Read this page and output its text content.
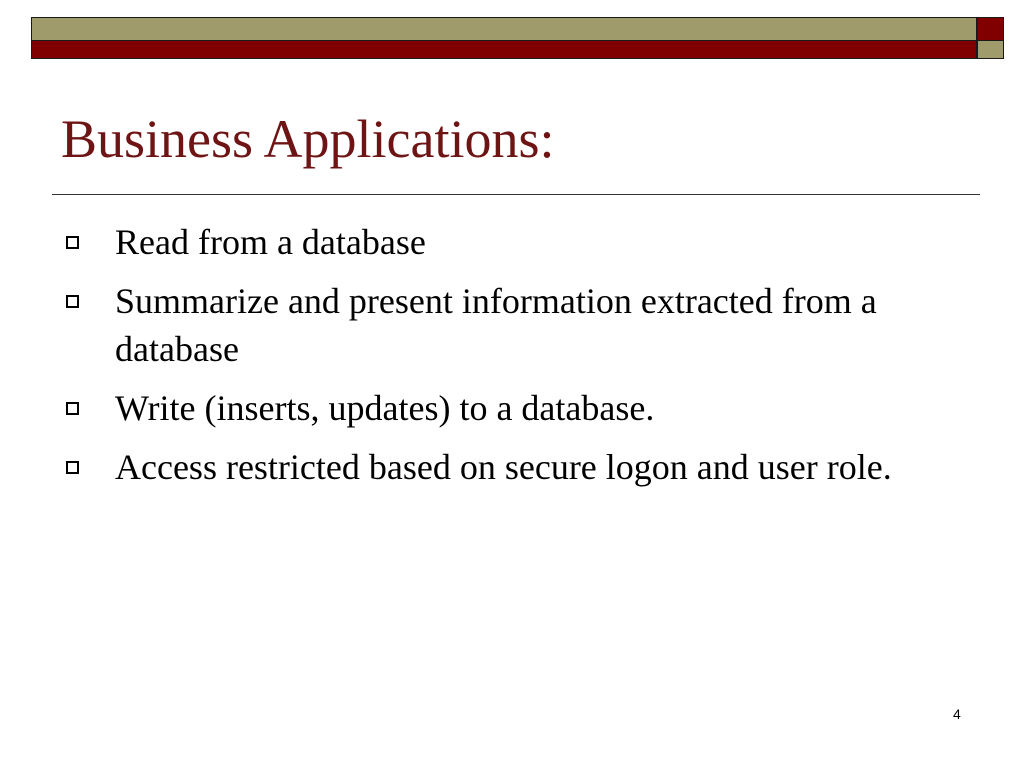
Business Applications:
Read from a database
Summarize and present information extracted from a database
Write (inserts, updates) to a database.
Access restricted based on secure logon and user role.
4
